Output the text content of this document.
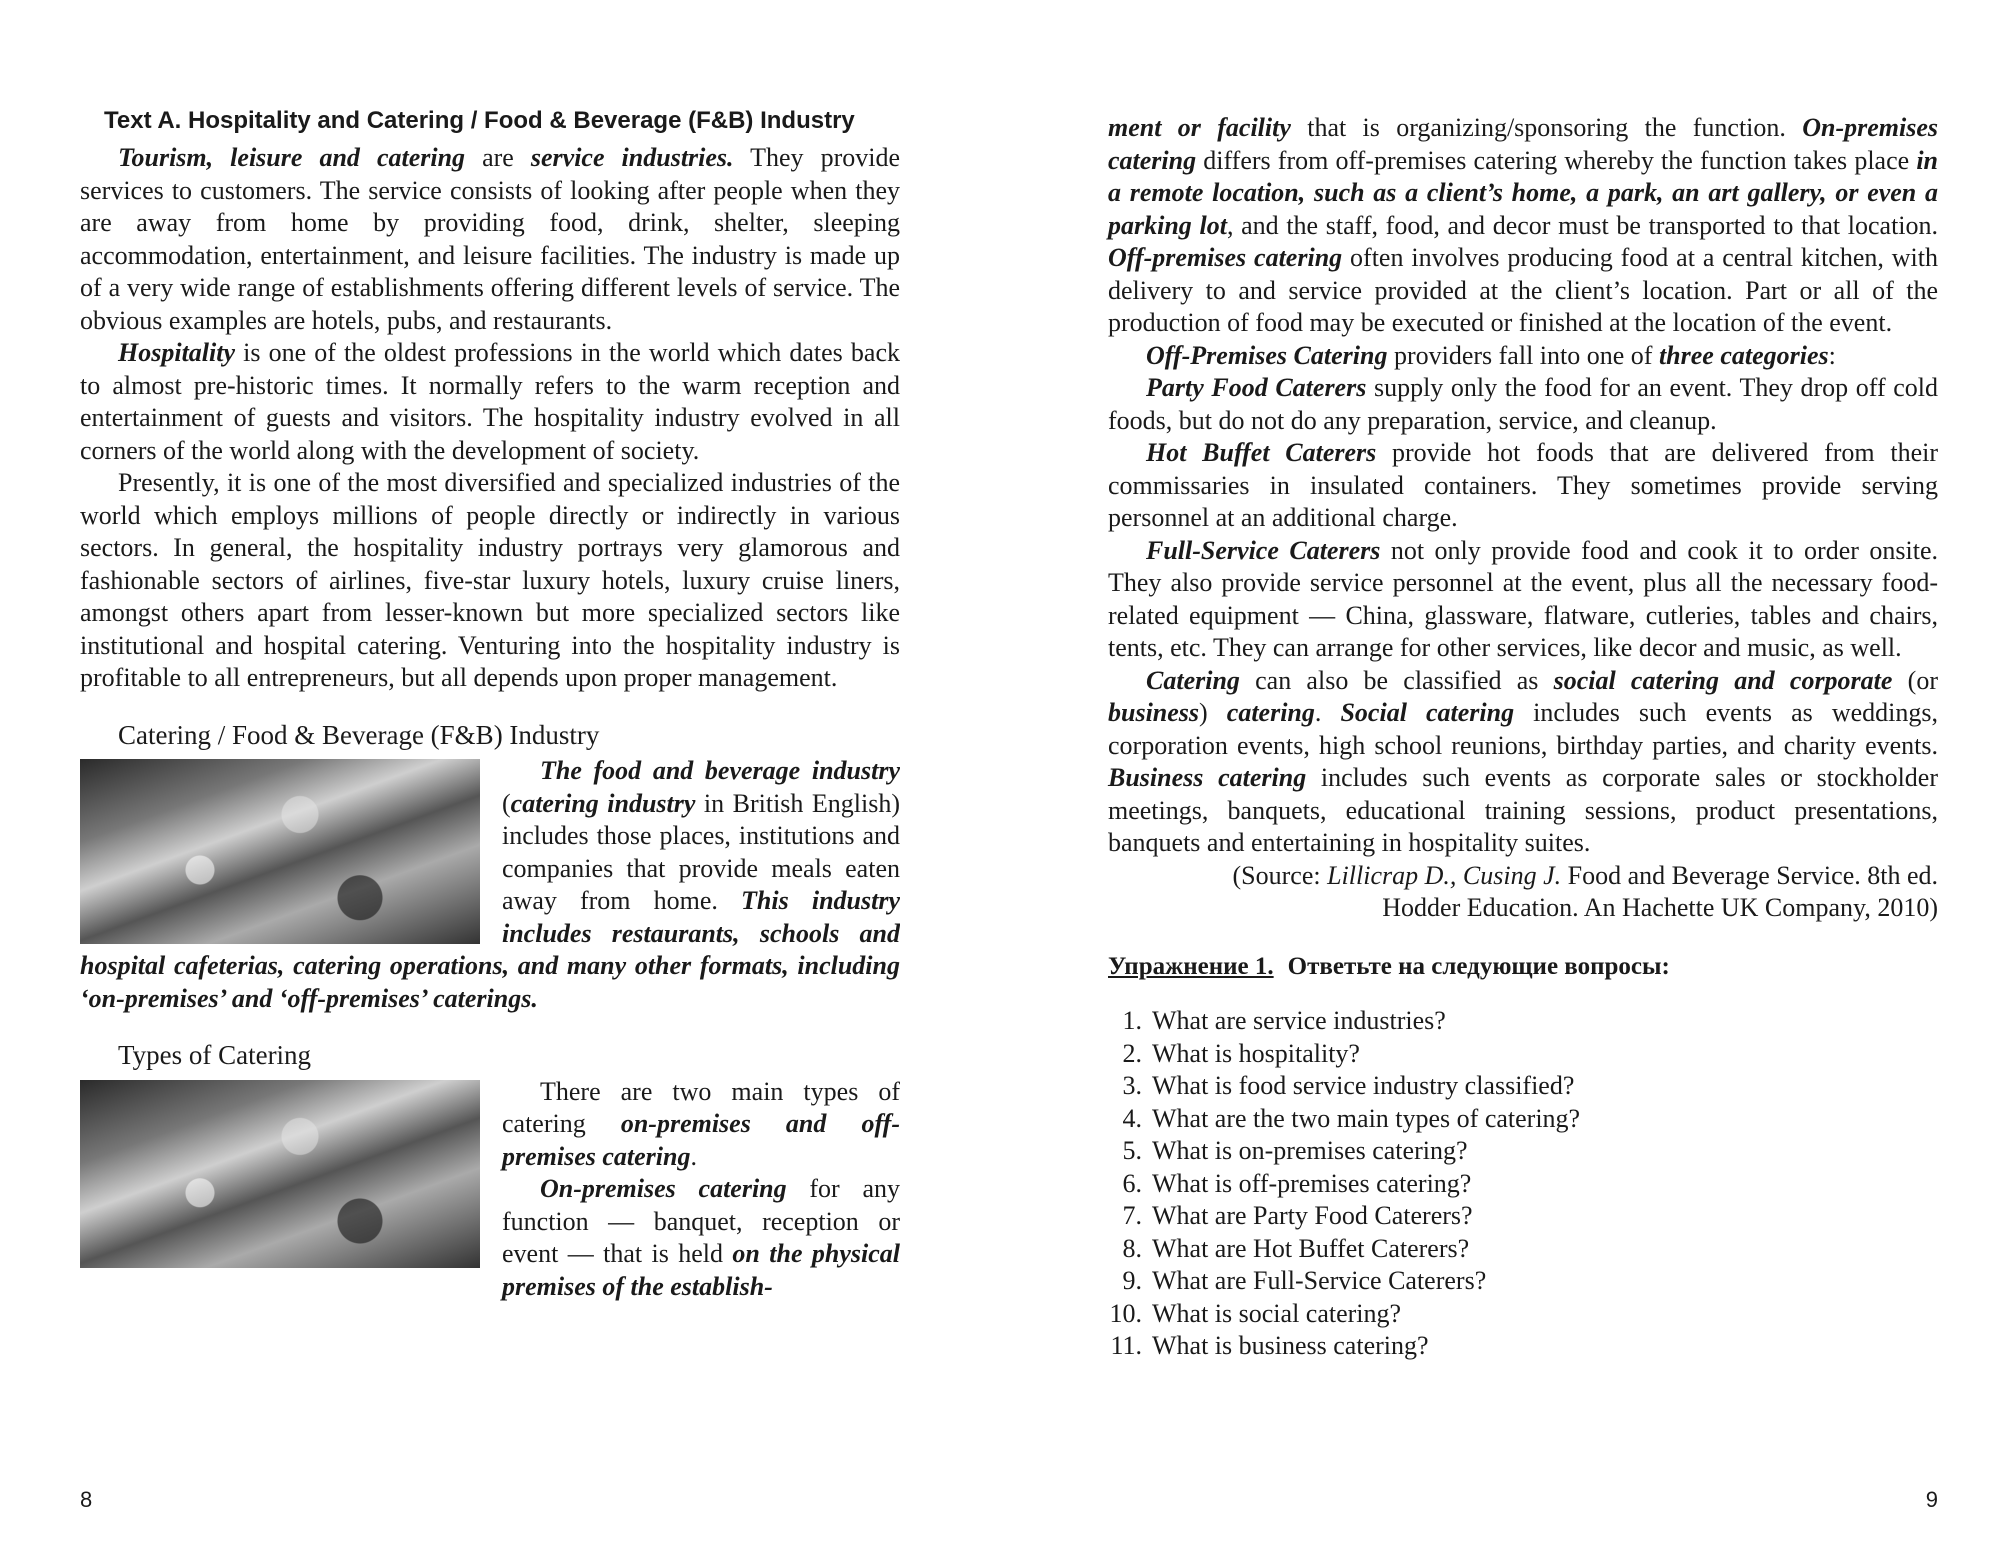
Text A. Hospitality and Catering / Food & Beverage (F&B) Industry

Tourism, leisure and catering are service industries. They provide services to customers. The service consists of looking after people when they are away from home by providing food, drink, shelter, sleeping accommodation, entertainment, and leisure facilities. The industry is made up of a very wide range of establishments offering different levels of service. The obvious examples are hotels, pubs, and restaurants.

Hospitality is one of the oldest professions in the world which dates back to almost pre-historic times. It normally refers to the warm reception and entertainment of guests and visitors. The hospitality industry evolved in all corners of the world along with the development of society.

Presently, it is one of the most diversified and specialized industries of the world which employs millions of people directly or indirectly in various sectors. In general, the hospitality industry portrays very glamorous and fashionable sectors of airlines, five-star luxury hotels, luxury cruise liners, amongst others apart from lesser-known but more specialized sectors like institutional and hospital catering. Venturing into the hospitality industry is profitable to all entrepreneurs, but all depends upon proper management.

Catering / Food & Beverage (F&B) Industry

The food and beverage industry (catering industry in British English) includes those places, institutions and companies that provide meals eaten away from home. This industry includes restaurants, schools and hospital cafeterias, catering operations, and many other formats, including ‘on-premises’ and ‘off-premises’ caterings.

Types of Catering

There are two main types of catering on-premises and off-premises catering.

On-premises catering for any function — banquet, reception or event — that is held on the physical premises of the establish-

8

ment or facility that is organizing/sponsoring the function. On-premises catering differs from off-premises catering whereby the function takes place in a remote location, such as a client’s home, a park, an art gallery, or even a parking lot, and the staff, food, and decor must be transported to that location. Off-premises catering often involves producing food at a central kitchen, with delivery to and service provided at the client’s location. Part or all of the production of food may be executed or finished at the location of the event.

Off-Premises Catering providers fall into one of three categories:

Party Food Caterers supply only the food for an event. They drop off cold foods, but do not do any preparation, service, and cleanup.

Hot Buffet Caterers provide hot foods that are delivered from their commissaries in insulated containers. They sometimes provide serving personnel at an additional charge.

Full-Service Caterers not only provide food and cook it to order onsite. They also provide service personnel at the event, plus all the necessary food-related equipment — China, glassware, flatware, cutleries, tables and chairs, tents, etc. They can arrange for other services, like decor and music, as well.

Catering can also be classified as social catering and corporate (or business) catering. Social catering includes such events as weddings, corporation events, high school reunions, birthday parties, and charity events. Business catering includes such events as corporate sales or stockholder meetings, banquets, educational training sessions, product presentations, banquets and entertaining in hospitality suites.

(Source: Lillicrap D., Cusing J. Food and Beverage Service. 8th ed.
Hodder Education. An Hachette UK Company, 2010)

Упражнение 1. Ответьте на следующие вопросы:
1. What are service industries?
2. What is hospitality?
3. What is food service industry classified?
4. What are the two main types of catering?
5. What is on-premises catering?
6. What is off-premises catering?
7. What are Party Food Caterers?
8. What are Hot Buffet Caterers?
9. What are Full-Service Caterers?
10. What is social catering?
11. What is business catering?
9
